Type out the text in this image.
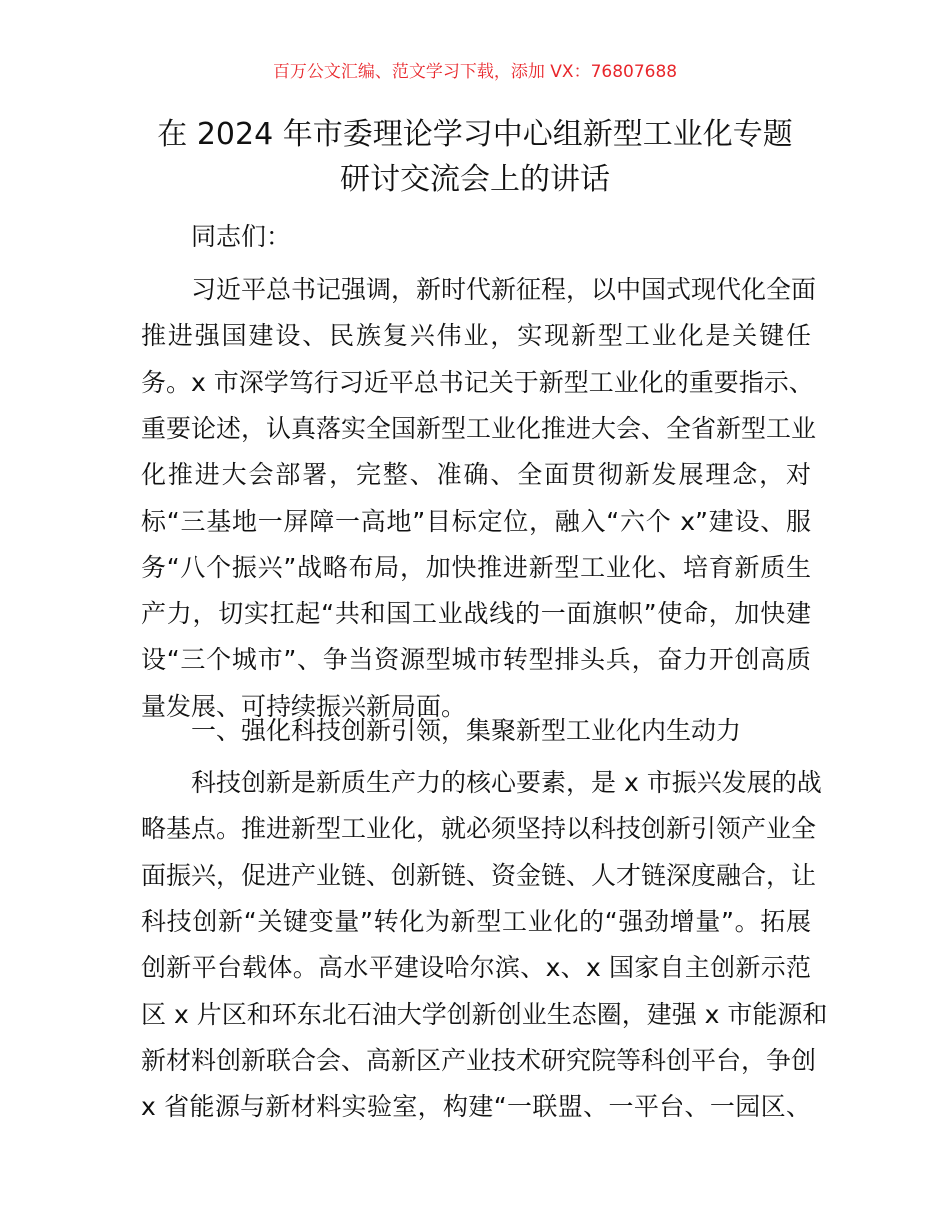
百万公文汇编、范文学习下载，添加 VX：76807688
在 2024 年市委理论学习中心组新型工业化专题
研讨交流会上的讲话
同志们：
习近平总书记强调，新时代新征程，以中国式现代化全面
推进强国建设、民族复兴伟业，实现新型工业化是关键任
务。x 市深学笃行习近平总书记关于新型工业化的重要指示、
重要论述，认真落实全国新型工业化推进大会、全省新型工业
化推进大会部署，完整、准确、全面贯彻新发展理念，对
标“三基地一屏障一高地”目标定位，融入“六个 x”建设、服
务“八个振兴”战略布局，加快推进新型工业化、培育新质生
产力，切实扛起“共和国工业战线的一面旗帜”使命，加快建
设“三个城市”、争当资源型城市转型排头兵，奋力开创高质
量发展、可持续振兴新局面。
一、强化科技创新引领，集聚新型工业化内生动力
科技创新是新质生产力的核心要素，是 x 市振兴发展的战
略基点。推进新型工业化，就必须坚持以科技创新引领产业全
面振兴，促进产业链、创新链、资金链、人才链深度融合，让
科技创新“关键变量”转化为新型工业化的“强劲增量”。拓展
创新平台载体。高水平建设哈尔滨、x、x 国家自主创新示范
区 x 片区和环东北石油大学创新创业生态圈，建强 x 市能源和
新材料创新联合会、高新区产业技术研究院等科创平台，争创
x 省能源与新材料实验室，构建“一联盟、一平台、一园区、
